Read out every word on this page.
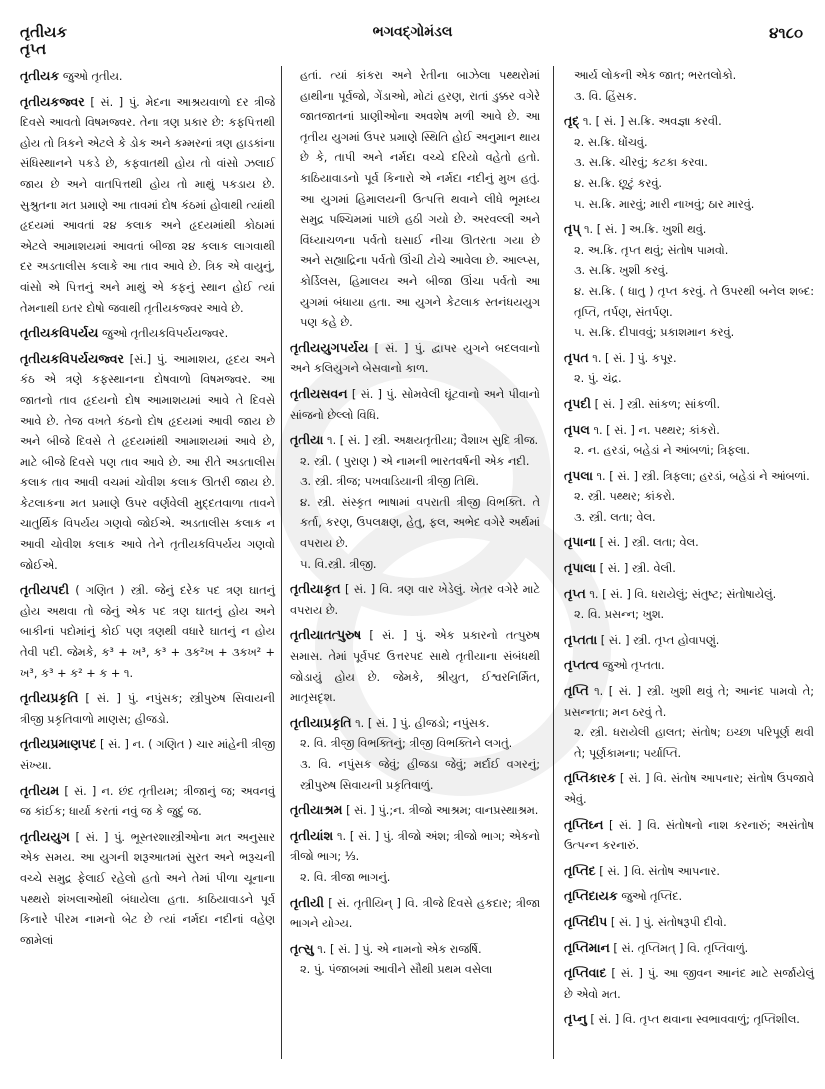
તૃતીયક
તૃપ્ત
ભગવદ્ગોમંડલ	૪૧૮૦

તૃતીયક જુઓ તૃતીય.

તૃતીયકજ્વર [ સં. ] પું. મેદના આશ્રયવાળો દર ત્રીજે દિવસે આવતો વિષમજ્વર. તેના ત્રણ પ્રકાર છે: કફપિત્તથી હોય તો ત્રિકને એટલે કે ડોક અને કમ્મરનાં ત્રણ હાડકાંના સંધિસ્થાનને પકડે છે, કફવાતથી હોય તો વાંસો ઝલાઈ જાય છે અને વાતપિત્તથી હોય તો માથું પકડાય છે. સુશ્રુતના મત પ્રમાણે આ તાવમાં દોષ કંઠમાં હોવાથી ત્યાંથી હૃદયમાં આવતાં ૨૪ કલાક અને હૃદયમાંથી કોઠામાં એટલે આમાશયમાં આવતાં બીજા ૨૪ કલાક લાગવાથી દર અડતાલીસ કલાકે આ તાવ આવે છે. ત્રિક એ વાયુનું, વાંસો એ પિત્તનું અને માથું એ કફનું સ્થાન હોઈ ત્યાં તેમનાથી ઇતર દોષો જવાથી તૃતીયકજ્વર આવે છે.

તૃતીયકવિપર્યય જુઓ તૃતીયકવિપર્યયજ્વર.

તૃતીયકવિપર્યયજ્વર [સં.] પું. આમાશય, હૃદય અને કંઠ એ ત્રણે કફસ્થાનના દોષવાળો વિષમજ્વર. આ જાતનો તાવ હૃદયનો દોષ આમાશયમાં આવે તે દિવસે આવે છે. તેજ વખતે કંઠનો દોષ હૃદયમાં આવી જાય છે અને બીજે દિવસે તે હૃદયમાંથી આમાશયમાં આવે છે, માટે બીજે દિવસે પણ તાવ આવે છે. આ રીતે અડતાલીસ કલાક તાવ આવી વચમાં ચોવીશ કલાક ઊતરી જાય છે. કેટલાકના મત પ્રમાણે ઉપર વર્ણવેલી મુદ્દતવાળા તાવને ચાતુર્થિક વિપર્યય ગણવો જોઈએ. અડતાલીસ કલાક ન આવી ચોવીશ કલાક આવે તેને તૃતીયકવિપર્યય ગણવો જોઈએ.

તૃતીયપદી ( ગણિત ) સ્ત્રી. જેનું દરેક પદ ત્રણ ઘાતનું હોય અથવા તો જેનું એક પદ ત્રણ ઘાતનું હોય અને બાકીનાં પદોમાંનું કોઈ પણ ત્રણથી વધારે ઘાતનું ન હોય તેવી પદી. જેમકે, ક³ + ખ³, ક³ + ૩ક²ખ + ૩કખ² + ખ³, ક³ + ક² + ક + ૧.

તૃતીયપ્રકૃતિ [ સં. ] પું. નપુંસક; સ્ત્રીપુરુષ સિવાયની ત્રીજી પ્રકૃતિવાળો માણસ; હીજડો.

તૃતીયપ્રમાણપદ [ સં. ] ન. ( ગણિત ) ચાર માંહેની ત્રીજી સંખ્યા.

તૃતીયમ [ સં. ] ન. છંદ તૃતીયમ; ત્રીજાનું જ; અવનવું જ કાંઈક; ધાર્યા કરતાં નવું જ કે જુદું જ.

તૃતીયયુગ [ સં. ] પું. ભૂસ્તરશાસ્ત્રીઓના મત અનુસાર એક સમય. આ યુગની શરૂઆતમાં સુરત અને ભરૂચની વચ્ચે સમુદ્ર ફેલાઈ રહેલો હતો અને તેમાં પીળા ચૂનાના પથ્થરો શંખલાઓથી બંધાયેલા હતા. કાઠિયાવાડને પૂર્વ કિનારે પીરમ નામનો બેટ છે ત્યાં નર્મદા નદીનાં વહેણ જામેલાં

હતાં. ત્યાં કાંકરા અને રેતીના બાઝેલા પથ્થરોમાં હાથીના પૂર્વજો, ગેંડાઓ, મોટાં હરણ, રાતાં ડુક્કર વગેરે જાતજાતનાં પ્રાણીઓના અવશેષ મળી આવે છે. આ તૃતીય યુગમાં ઉપર પ્રમાણે સ્થિતિ હોઈ અનુમાન થાય છે કે, તાપી અને નર્મદા વચ્ચે દરિયો વહેતો હતો. કાઠિયાવાડનો પૂર્વ કિનારો એ નર્મદા નદીનું મુખ હતું. આ યુગમાં હિમાલયની ઉત્પત્તિ થવાને લીધે ભૂમધ્ય સમુદ્ર પશ્ચિમમાં પાછો હઠી ગયો છે. અરવલ્લી અને વિંધ્યાચળના પર્વતો ઘસાઈ નીચા ઊતરતા ગયા છે અને સહ્યાદ્રિના પર્વતો ઊંચી ટોચે આવેલા છે. આલ્પ્સ, કોર્ડિલસ, હિમાલય અને બીજા ઊંચા પર્વતો આ યુગમાં બંધાયા હતા. આ યુગને કેટલાક સ્તનંધયયુગ પણ કહે છે.

તૃતીયયુગપર્યય [ સં. ] પું. દ્વાપર યુગને બદલવાનો અને કલિયુગને બેસવાનો કાળ.

તૃતીયસવન [ સં. ] પું. સોમવેલી ઘૂંટવાનો અને પીવાનો સાંજનો છેલ્લો વિધિ.

તૃતીયા ૧. [ સં. ] સ્ત્રી. અક્ષયતૃતીયા; વૈશાખ સુદિ ત્રીજ.

૨. સ્ત્રી. ( પુરાણ ) એ નામની ભારતવર્ષની એક નદી.

૩. સ્ત્રી. ત્રીજ; પખવાડિયાની ત્રીજી તિથિ.

૪. સ્ત્રી. સંસ્કૃત ભાષામાં વપરાતી ત્રીજી વિભક્તિ. તે કર્તા, કરણ, ઉપલક્ષણ, હેતુ, ફલ, અભેદ વગેરે અર્થમાં વપરાય છે.

૫. વિ.સ્ત્રી. ત્રીજી.

તૃતીયાકૃત [ સં. ] વિ. ત્રણ વાર ખેડેલું. ખેતર વગેરે માટે વપરાય છે.

તૃતીયાતત્પુરુષ [ સં. ] પું. એક પ્રકારનો તત્પુરુષ સમાસ. તેમાં પૂર્વપદ ઉત્તરપદ સાથે તૃતીયાના સંબંધથી જોડાયું હોય છે. જેમકે, શ્રીયુત, ઈશ્વરનિર્મિત, માતૃસદૃશ.

તૃતીયાપ્રકૃતિ ૧. [ સં. ] પું. હીજડો; નપુંસક.

૨. વિ. ત્રીજી વિભક્તિનું; ત્રીજી વિભક્તિને લગતું.

૩. વિ. નપુંસક જેવું; હીજડા જેવું; મર્દાઈ વગરનું; સ્ત્રીપુરુષ સિવાયની પ્રકૃતિવાળું.

તૃતીયાશ્રમ [ સં. ] પું.;ન. ત્રીજો આશ્રમ; વાનપ્રસ્થાશ્રમ.

તૃતીયાંશ ૧. [ સં. ] પું. ત્રીજો અંશ; ત્રીજો ભાગ; એકનો ત્રીજો ભાગ; ⅓.

૨. વિ. ત્રીજા ભાગનું.

તૃતીયી [ સં. તૃતીયિન્ ] વિ. ત્રીજે દિવસે હકદાર; ત્રીજા ભાગને યોગ્ય.

તૃત્સુ ૧. [ સં. ] પું. એ નામનો એક રાજર્ષિ.

૨. પું. પંજાબમાં આવીને સૌથી પ્રથમ વસેલા

આર્ય લોકની એક જાત; ભરતલોકો.

૩. વિ. હિંસક.

તૃદ્ ૧. [ સં. ] સ.ક્રિ. અવજ્ઞા કરવી.

૨. સ.ક્રિ. ધોંચવું.

૩. સ.ક્રિ. ચીરવું; કટકા કરવા.

૪. સ.ક્રિ. છૂટું કરવું.

૫. સ.ક્રિ. મારવું; મારી નાખવું; ઠાર મારવું.

તૃપ્ ૧. [ સં. ] અ.ક્રિ. ખુશી થવું.

૨. અ.ક્રિ. તૃપ્ત થવું; સંતોષ પામવો.

૩. સ.ક્રિ. ખુશી કરવું.

૪. સ.ક્રિ. ( ધાતુ ) તૃપ્ત કરવું. તે ઉપરથી બનેલ શબ્દ: તૃપ્તિ, તર્પણ, સંતર્પણ.

૫. સ.ક્રિ. દીપાવવું; પ્રકાશમાન કરવું.

તૃપત ૧. [ સં. ] પું. કપૂર.

૨. પું. ચંદ્ર.

તૃપદી [ સં. ] સ્ત્રી. સાંકળ; સાંકળી.

તૃપલ ૧. [ સં. ] ન. પથ્થર; કાંકરો.

૨. ન. હરડાં, બહેડાં ને આંબળાં; ત્રિફલા.

તૃપલા ૧. [ સં. ] સ્ત્રી. ત્રિફલા; હરડાં, બહેડાં ને આંબળાં.

૨. સ્ત્રી. પથ્થર; કાંકરો.

૩. સ્ત્રી. લતા; વેલ.

તૃપાના [ સં. ] સ્ત્રી. લતા; વેલ.

તૃપાલા [ સં. ] સ્ત્રી. વેલી.

તૃપ્ત ૧. [ સં. ] વિ. ધરાયેલું; સંતુષ્ટ; સંતોષાયેલું.

૨. વિ. પ્રસન્ન; ખુશ.

તૃપ્તતા [ સં. ] સ્ત્રી. તૃપ્ત હોવાપણું.

તૃપ્તત્વ જુઓ તૃપ્તતા.

તૃપ્તિ ૧. [ સં. ] સ્ત્રી. ખુશી થવું તે; આનંદ પામવો તે; પ્રસન્નતા; મન ઠરવું તે.

૨. સ્ત્રી. ધરાયેલી હાલત; સંતોષ; ઇચ્છા પરિપૂર્ણ થવી તે; પૂર્ણકામના; પર્યાપ્તિ.

તૃપ્તિકારક [ સં. ] વિ. સંતોષ આપનાર; સંતોષ ઉપજાવે એવું.

તૃપ્તિઘ્ન [ સં. ] વિ. સંતોષનો નાશ કરનારું; અસંતોષ ઉત્પન્ન કરનારું.

તૃપ્તિદ [ સં. ] વિ. સંતોષ આપનાર.

તૃપ્તિદાયક જુઓ તૃપ્તિદ.

તૃપ્તિદીપ [ સં. ] પું. સંતોષરૂપી દીવો.

તૃપ્તિમાન [ સં. તૃપ્તિમત્ ] વિ. તૃપ્તિવાળું.

તૃપ્તિવાદ [ સં. ] પું. આ જીવન આનંદ માટે સર્જાયેલું છે એવો મત.

તૃપ્નુ [ સં. ] વિ. તૃપ્ત થવાના સ્વભાવવાળું; તૃપ્તિશીલ.
